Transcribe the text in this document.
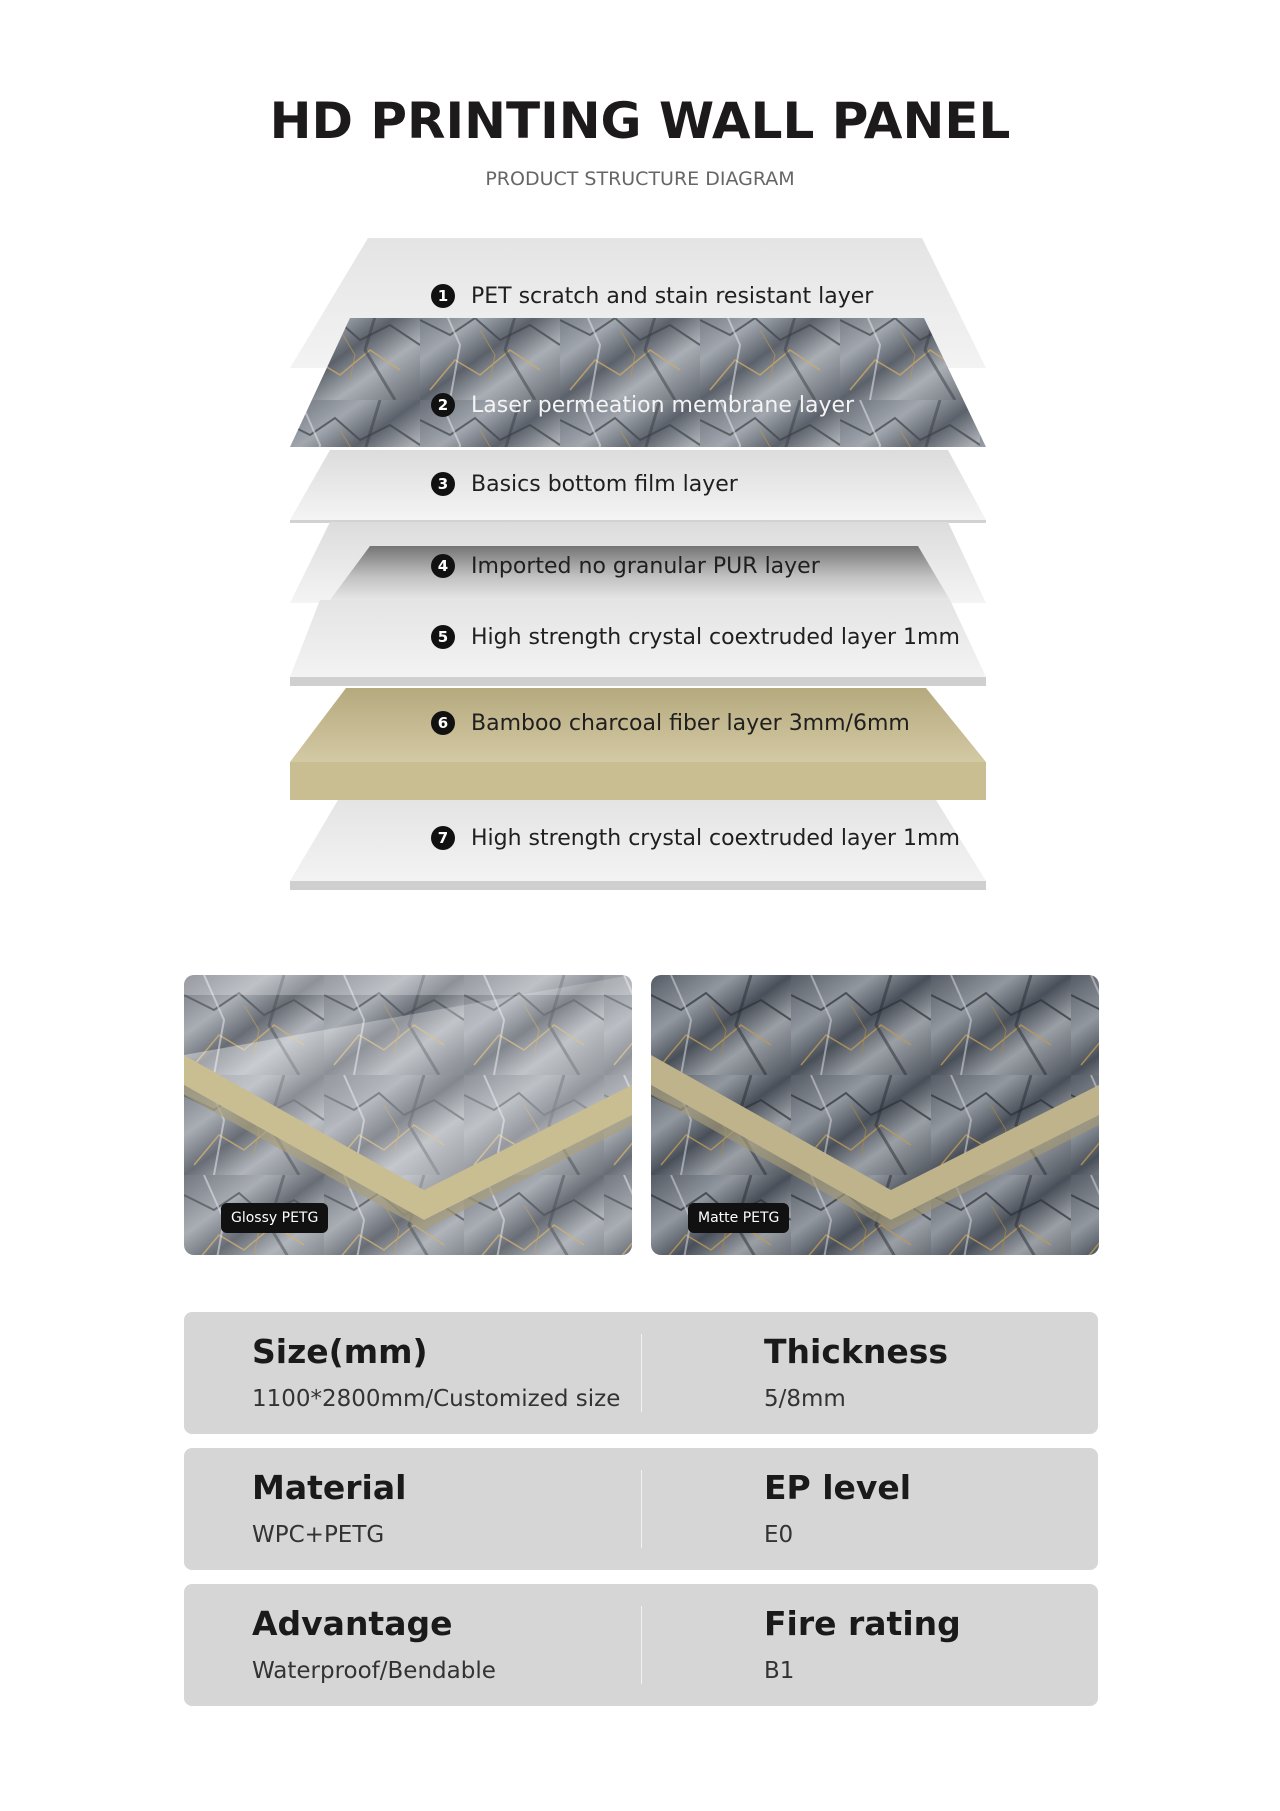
HD PRINTING WALL PANEL

PRODUCT STRUCTURE DIAGRAM

1 PET scratch and stain resistant layer
2 Laser permeation membrane layer
3 Basics bottom film layer
4 Imported no granular PUR layer
5 High strength crystal coextruded layer 1mm
6 Bamboo charcoal fiber layer 3mm/6mm
7 High strength crystal coextruded layer 1mm
Glossy PETG	Matte PETG
Size(mm)
1100*2800mm/Customized size
Thickness
5/8mm
Material
WPC+PETG
EP level
E0
Advantage
Waterproof/Bendable
Fire rating
B1
